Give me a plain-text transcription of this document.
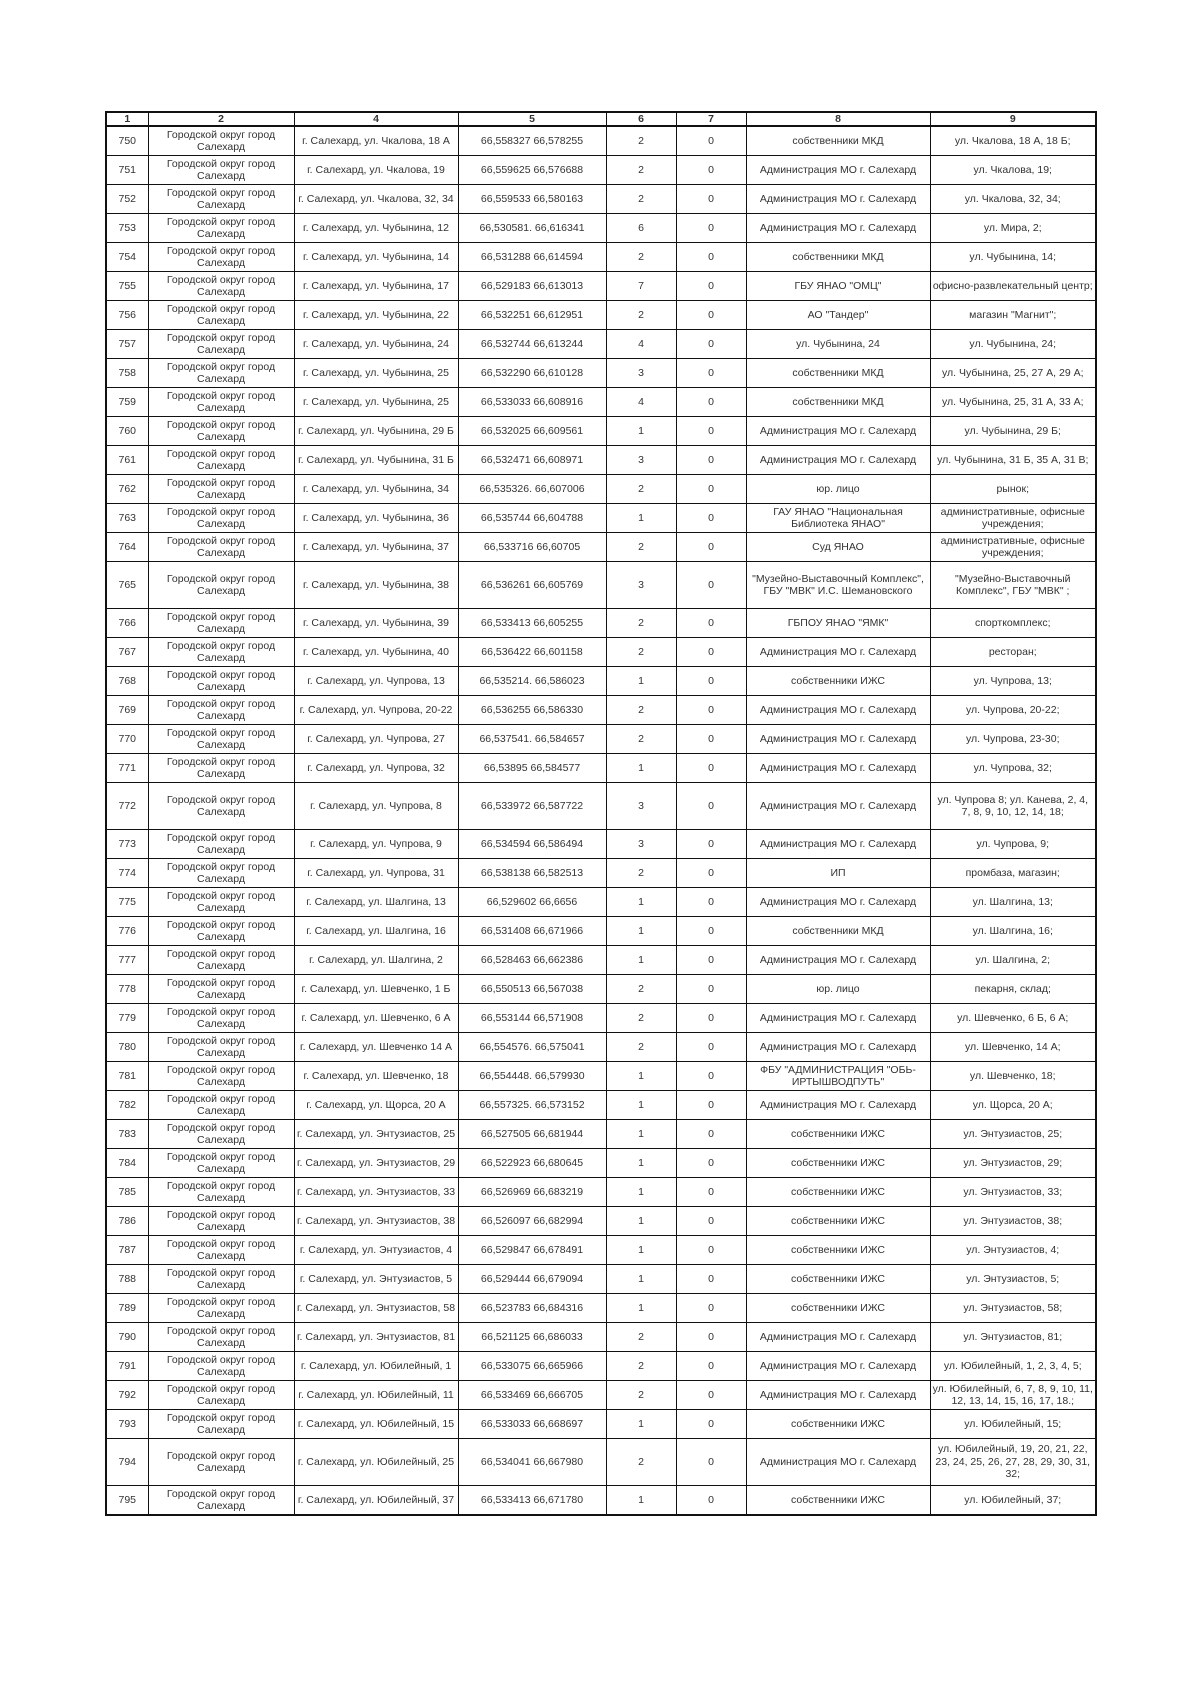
1	2	4	5	6	7	8	9
750	Городской округ город Салехард	г. Салехард, ул. Чкалова, 18 А	66,558327 66,578255	2	0	собственники МКД	ул. Чкалова, 18 А, 18 Б;
751	Городской округ город Салехард	г. Салехард, ул. Чкалова, 19	66,559625 66,576688	2	0	Администрация МО г. Салехард	ул. Чкалова, 19;
752	Городской округ город Салехард	г. Салехард, ул. Чкалова, 32, 34	66,559533 66,580163	2	0	Администрация МО г. Салехард	ул. Чкалова, 32, 34;
753	Городской округ город Салехард	г. Салехард, ул. Чубынина, 12	66,530581. 66,616341	6	0	Администрация МО г. Салехард	ул. Мира, 2;
754	Городской округ город Салехард	г. Салехард, ул. Чубынина, 14	66,531288 66,614594	2	0	собственники МКД	ул. Чубынина, 14;
755	Городской округ город Салехард	г. Салехард, ул. Чубынина, 17	66,529183 66,613013	7	0	ГБУ ЯНАО "ОМЦ"	офисно-развлекательный центр;
756	Городской округ город Салехард	г. Салехард, ул. Чубынина, 22	66,532251 66,612951	2	0	АО "Тандер"	магазин "Магнит";
757	Городской округ город Салехард	г. Салехард, ул. Чубынина, 24	66,532744 66,613244	4	0	ул. Чубынина, 24	ул. Чубынина, 24;
758	Городской округ город Салехард	г. Салехард, ул. Чубынина, 25	66,532290 66,610128	3	0	собственники МКД	ул. Чубынина, 25, 27 А, 29 А;
759	Городской округ город Салехард	г. Салехард, ул. Чубынина, 25	66,533033 66,608916	4	0	собственники МКД	ул. Чубынина, 25, 31 А, 33 А;
760	Городской округ город Салехард	г. Салехард, ул. Чубынина, 29 Б	66,532025 66,609561	1	0	Администрация МО г. Салехард	ул. Чубынина, 29 Б;
761	Городской округ город Салехард	г. Салехард, ул. Чубынина, 31 Б	66,532471 66,608971	3	0	Администрация МО г. Салехард	ул. Чубынина, 31 Б, 35 А, 31 В;
762	Городской округ город Салехард	г. Салехард, ул. Чубынина, 34	66,535326. 66,607006	2	0	юр. лицо	рынок;
763	Городской округ город Салехард	г. Салехард, ул. Чубынина, 36	66,535744 66,604788	1	0	ГАУ ЯНАО "Национальная Библиотека ЯНАО"	административные, офисные учреждения;
764	Городской округ город Салехард	г. Салехард, ул. Чубынина, 37	66,533716 66,60705	2	0	Суд ЯНАО	административные, офисные учреждения;
765	Городской округ город Салехард	г. Салехард, ул. Чубынина, 38	66,536261 66,605769	3	0	"Музейно-Выставочный Комплекс", ГБУ "МВК" И.С. Шемановского	"Музейно-Выставочный Комплекс", ГБУ "МВК" ;
766	Городской округ город Салехард	г. Салехард, ул. Чубынина, 39	66,533413 66,605255	2	0	ГБПОУ ЯНАО "ЯМК"	спорткомплекс;
767	Городской округ город Салехард	г. Салехард, ул. Чубынина, 40	66,536422 66,601158	2	0	Администрация МО г. Салехард	ресторан;
768	Городской округ город Салехард	г. Салехард, ул. Чупрова, 13	66,535214. 66,586023	1	0	собственники ИЖС	ул. Чупрова, 13;
769	Городской округ город Салехард	г. Салехард, ул. Чупрова, 20-22	66,536255 66,586330	2	0	Администрация МО г. Салехард	ул. Чупрова, 20-22;
770	Городской округ город Салехард	г. Салехард, ул. Чупрова, 27	66,537541. 66,584657	2	0	Администрация МО г. Салехард	ул. Чупрова, 23-30;
771	Городской округ город Салехард	г. Салехард, ул. Чупрова, 32	66,53895 66,584577	1	0	Администрация МО г. Салехард	ул. Чупрова, 32;
772	Городской округ город Салехард	г. Салехард, ул. Чупрова, 8	66,533972 66,587722	3	0	Администрация МО г. Салехард	ул. Чупрова 8; ул. Канева, 2, 4, 7, 8, 9, 10, 12, 14, 18;
773	Городской округ город Салехард	г. Салехард, ул. Чупрова, 9	66,534594 66,586494	3	0	Администрация МО г. Салехард	ул. Чупрова, 9;
774	Городской округ город Салехард	г. Салехард, ул. Чупрова, 31	66,538138 66,582513	2	0	ИП	промбаза, магазин;
775	Городской округ город Салехард	г. Салехард, ул. Шалгина, 13	66,529602 66,6656	1	0	Администрация МО г. Салехард	ул. Шалгина, 13;
776	Городской округ город Салехард	г. Салехард, ул. Шалгина, 16	66,531408 66,671966	1	0	собственники МКД	ул. Шалгина, 16;
777	Городской округ город Салехард	г. Салехард, ул. Шалгина, 2	66,528463 66,662386	1	0	Администрация МО г. Салехард	ул. Шалгина, 2;
778	Городской округ город Салехард	г. Салехард, ул. Шевченко, 1 Б	66,550513 66,567038	2	0	юр. лицо	пекарня, склад;
779	Городской округ город Салехард	г. Салехард, ул. Шевченко, 6 А	66,553144 66,571908	2	0	Администрация МО г. Салехард	ул. Шевченко, 6 Б, 6 А;
780	Городской округ город Салехард	г. Салехард, ул. Шевченко 14 А	66,554576. 66,575041	2	0	Администрация МО г. Салехард	ул. Шевченко, 14 А;
781	Городской округ город Салехард	г. Салехард, ул. Шевченко, 18	66,554448. 66,579930	1	0	ФБУ "АДМИНИСТРАЦИЯ "ОБЬ-ИРТЫШВОДПУТЬ"	ул. Шевченко, 18;
782	Городской округ город Салехард	г. Салехард, ул. Щорса, 20 А	66,557325. 66,573152	1	0	Администрация МО г. Салехард	ул. Щорса, 20 А;
783	Городской округ город Салехард	г. Салехард, ул. Энтузиастов, 25	66,527505 66,681944	1	0	собственники ИЖС	ул. Энтузиастов, 25;
784	Городской округ город Салехард	г. Салехард, ул. Энтузиастов, 29	66,522923 66,680645	1	0	собственники ИЖС	ул. Энтузиастов, 29;
785	Городской округ город Салехард	г. Салехард, ул. Энтузиастов, 33	66,526969 66,683219	1	0	собственники ИЖС	ул. Энтузиастов, 33;
786	Городской округ город Салехард	г. Салехард, ул. Энтузиастов, 38	66,526097 66,682994	1	0	собственники ИЖС	ул. Энтузиастов, 38;
787	Городской округ город Салехард	г. Салехард, ул. Энтузиастов, 4	66,529847 66,678491	1	0	собственники ИЖС	ул. Энтузиастов, 4;
788	Городской округ город Салехард	г. Салехард, ул. Энтузиастов, 5	66,529444 66,679094	1	0	собственники ИЖС	ул. Энтузиастов, 5;
789	Городской округ город Салехард	г. Салехард, ул. Энтузиастов, 58	66,523783 66,684316	1	0	собственники ИЖС	ул. Энтузиастов, 58;
790	Городской округ город Салехард	г. Салехард, ул. Энтузиастов, 81	66,521125 66,686033	2	0	Администрация МО г. Салехард	ул. Энтузиастов, 81;
791	Городской округ город Салехард	г. Салехард, ул. Юбилейный, 1	66,533075 66,665966	2	0	Администрация МО г. Салехард	ул. Юбилейный, 1, 2, 3, 4, 5;
792	Городской округ город Салехард	г. Салехард, ул. Юбилейный, 11	66,533469 66,666705	2	0	Администрация МО г. Салехард	ул. Юбилейный, 6, 7, 8, 9, 10, 11, 12, 13, 14, 15, 16, 17, 18.;
793	Городской округ город Салехард	г. Салехард, ул. Юбилейный, 15	66,533033 66,668697	1	0	собственники ИЖС	ул. Юбилейный, 15;
794	Городской округ город Салехард	г. Салехард, ул. Юбилейный, 25	66,534041 66,667980	2	0	Администрация МО г. Салехард	ул. Юбилейный, 19, 20, 21, 22, 23, 24, 25, 26, 27, 28, 29, 30, 31, 32;
795	Городской округ город Салехард	г. Салехард, ул. Юбилейный, 37	66,533413 66,671780	1	0	собственники ИЖС	ул. Юбилейный, 37;
